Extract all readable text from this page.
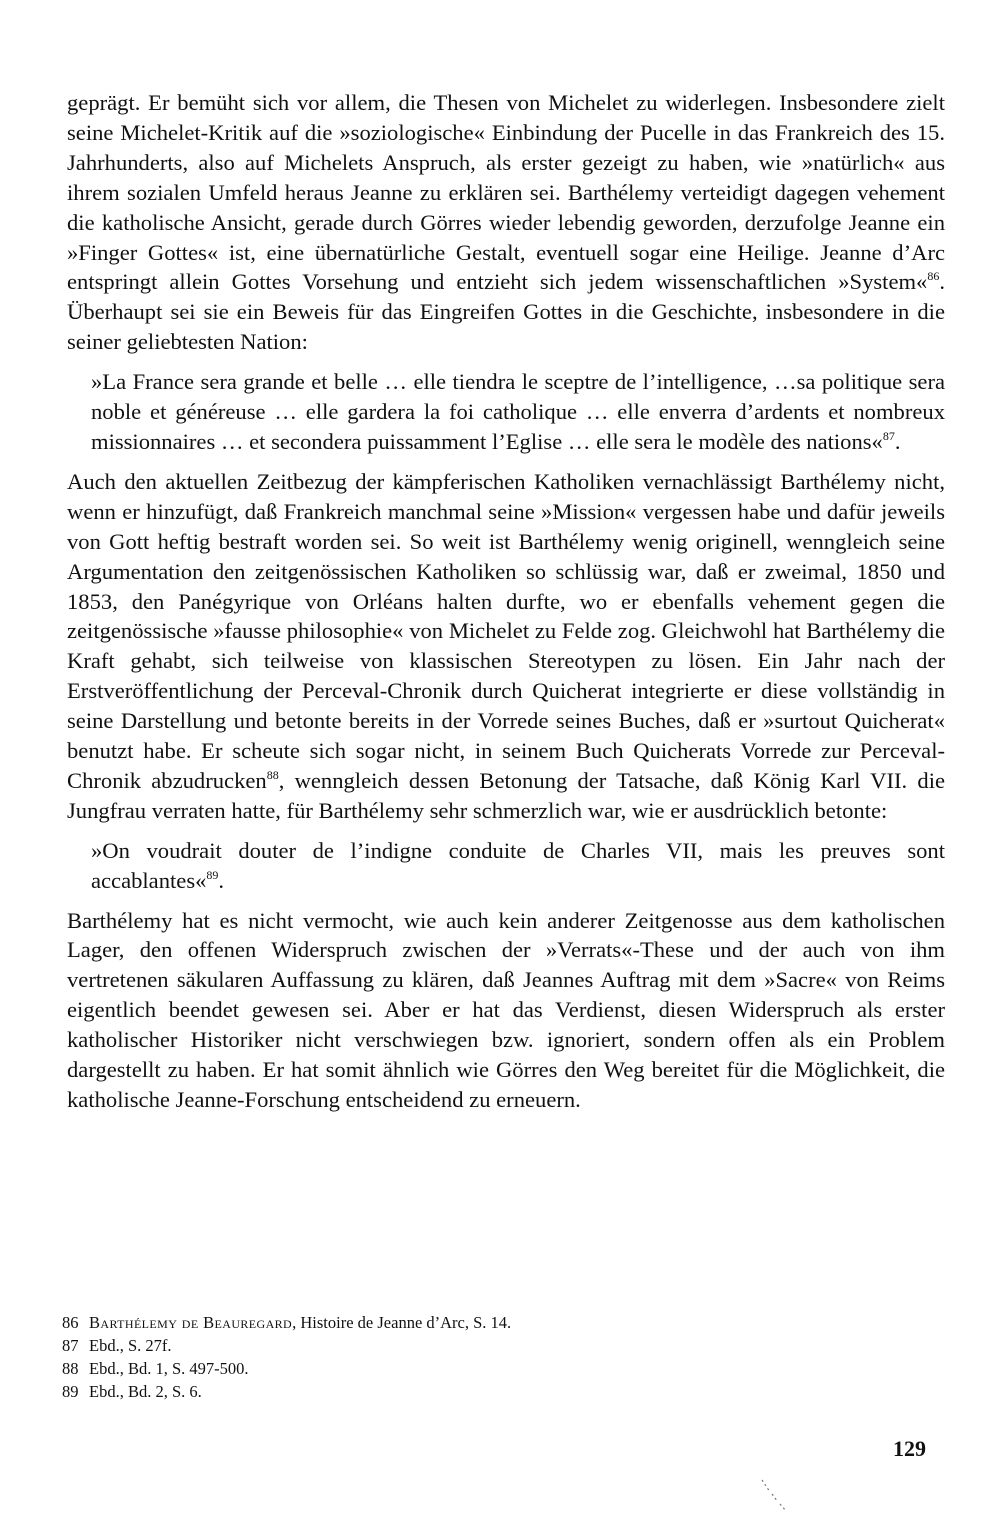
geprägt. Er bemüht sich vor allem, die Thesen von Michelet zu widerlegen. Insbesondere zielt seine Michelet-Kritik auf die »soziologische« Einbindung der Pucelle in das Frankreich des 15. Jahrhunderts, also auf Michelets Anspruch, als erster gezeigt zu haben, wie »natürlich« aus ihrem sozialen Umfeld heraus Jeanne zu erklären sei. Barthélemy verteidigt dagegen vehement die katholische Ansicht, gerade durch Görres wieder lebendig geworden, derzufolge Jeanne ein »Finger Gottes« ist, eine übernatürliche Gestalt, eventuell sogar eine Heilige. Jeanne d’Arc entspringt allein Gottes Vorsehung und entzieht sich jedem wissenschaftlichen »System«$^{86}$. Überhaupt sei sie ein Beweis für das Eingreifen Gottes in die Geschichte, insbesondere in die seiner geliebtesten Nation:

»La France sera grande et belle … elle tiendra le sceptre de l’intelligence, …sa politique sera noble et généreuse … elle gardera la foi catholique … elle enverra d’ardents et nombreux missionnaires … et secondera puissamment l’Eglise … elle sera le modèle des nations«$^{87}$.

Auch den aktuellen Zeitbezug der kämpferischen Katholiken vernachlässigt Barthélemy nicht, wenn er hinzufügt, daß Frankreich manchmal seine »Mission« vergessen habe und dafür jeweils von Gott heftig bestraft worden sei. So weit ist Barthélemy wenig originell, wenngleich seine Argumentation den zeitgenössischen Katholiken so schlüssig war, daß er zweimal, 1850 und 1853, den Panégyrique von Orléans halten durfte, wo er ebenfalls vehement gegen die zeitgenössische »fausse philosophie« von Michelet zu Felde zog. Gleichwohl hat Barthélemy die Kraft gehabt, sich teilweise von klassischen Stereotypen zu lösen. Ein Jahr nach der Erstveröffentlichung der Perceval-Chronik durch Quicherat integrierte er diese vollständig in seine Darstellung und betonte bereits in der Vorrede seines Buches, daß er »surtout Quicherat« benutzt habe. Er scheute sich sogar nicht, in seinem Buch Quicherats Vorrede zur Perceval-Chronik abzudrucken$^{88}$, wenngleich dessen Betonung der Tatsache, daß König Karl VII. die Jungfrau verraten hatte, für Barthélemy sehr schmerzlich war, wie er ausdrücklich betonte:

»On voudrait douter de l’indigne conduite de Charles VII, mais les preuves sont accablantes«$^{89}$.

Barthélemy hat es nicht vermocht, wie auch kein anderer Zeitgenosse aus dem katholischen Lager, den offenen Widerspruch zwischen der »Verrats«-These und der auch von ihm vertretenen säkularen Auffassung zu klären, daß Jeannes Auftrag mit dem »Sacre« von Reims eigentlich beendet gewesen sei. Aber er hat das Verdienst, diesen Widerspruch als erster katholischer Historiker nicht verschwiegen bzw. ignoriert, sondern offen als ein Problem dargestellt zu haben. Er hat somit ähnlich wie Görres den Weg bereitet für die Möglichkeit, die katholische Jeanne-Forschung entscheidend zu erneuern.

86 Barthélemy de Beauregard, Histoire de Jeanne d’Arc, S. 14.
87 Ebd., S. 27f.
88 Ebd., Bd. 1, S. 497-500.
89 Ebd., Bd. 2, S. 6.
129
